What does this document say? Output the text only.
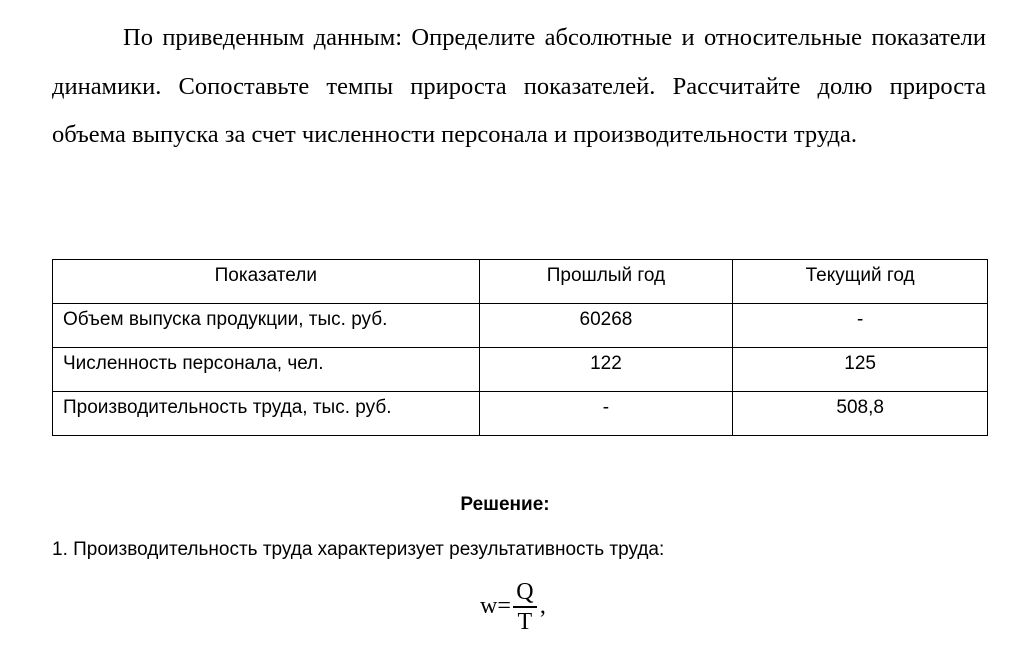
По приведенным данным: Определите абсолютные и относительные показатели динамики. Сопоставьте темпы прироста показателей. Рассчитайте долю прироста объема выпуска за счет численности персонала и производительности труда.

Показатели	Прошлый год	Текущий год
Объем выпуска продукции, тыс. руб.	60268	-
Численность персонала, чел.	122	125
Производительность труда, тыс. руб.	-	508,8

Решение:

1. Производительность труда характеризует результативность труда:

$w= \frac{Q}{T}$ ,
